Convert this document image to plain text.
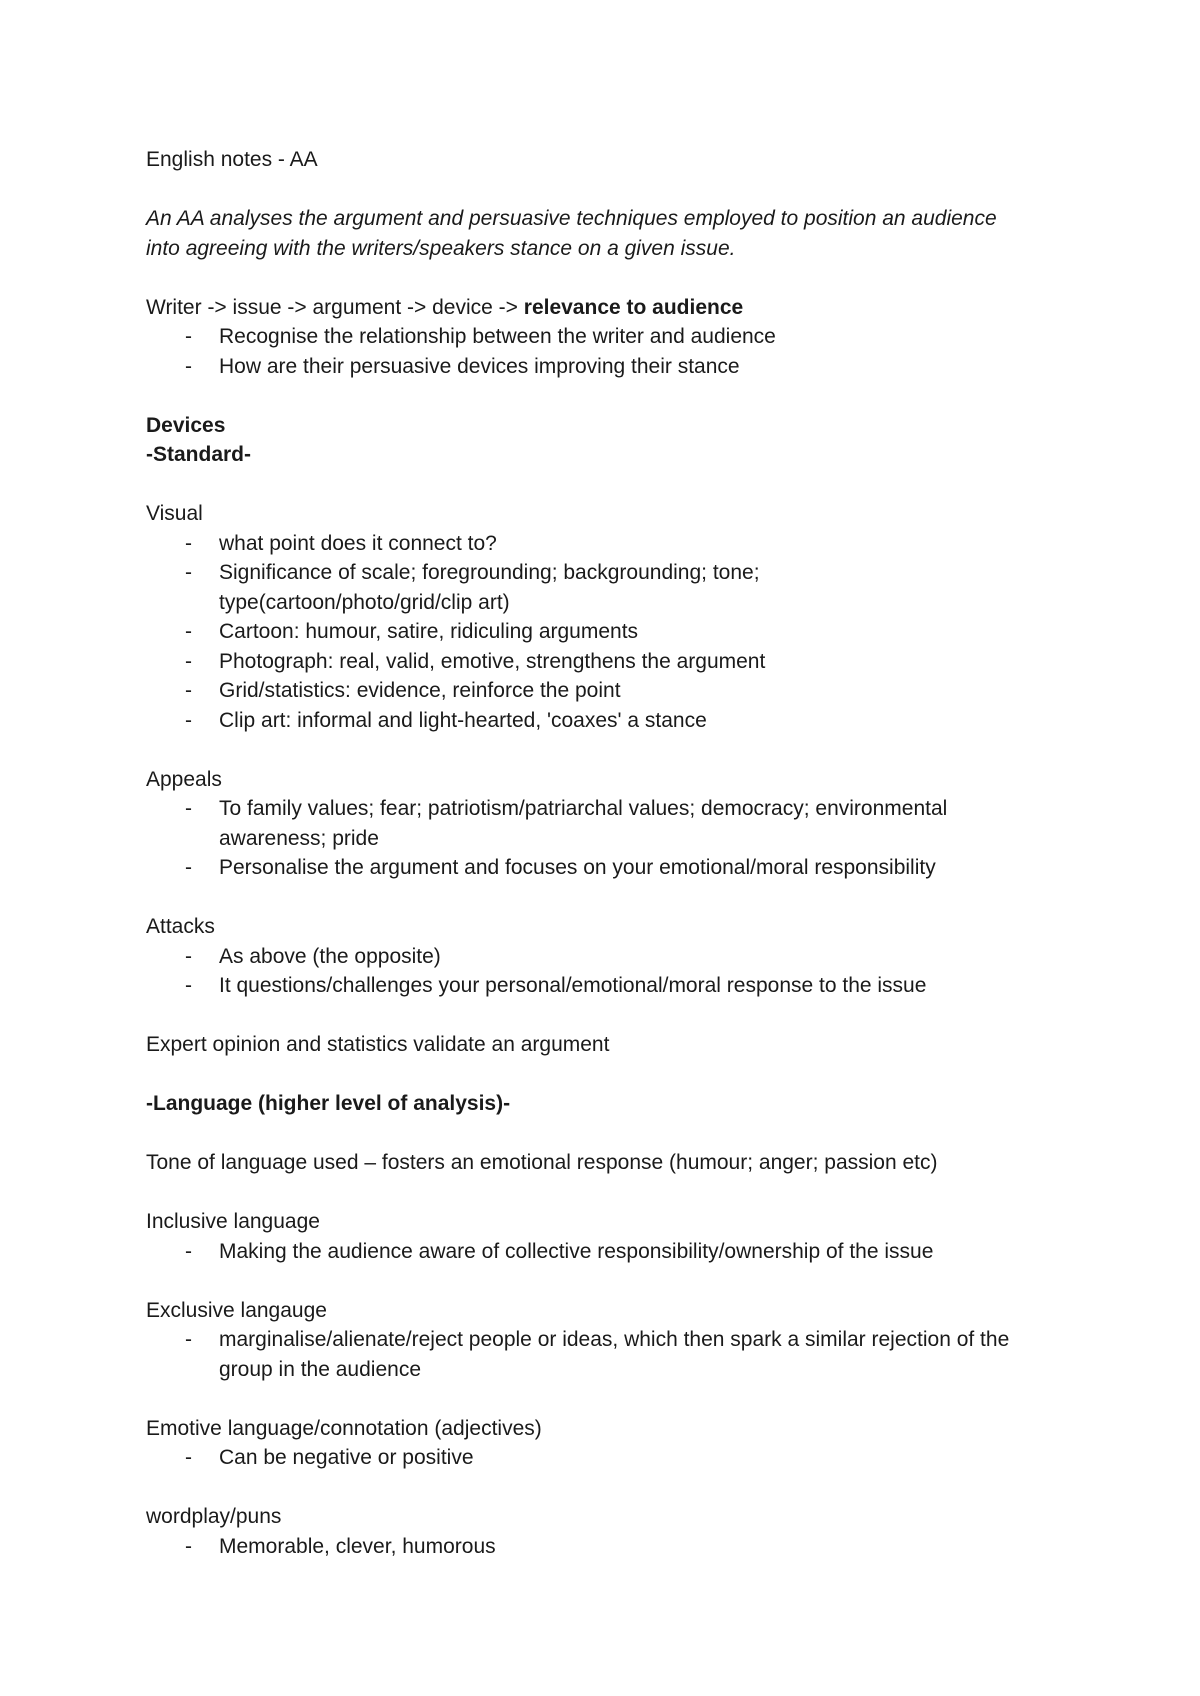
English notes - AA
An AA analyses the argument and persuasive techniques employed to position an audience
into agreeing with the writers/speakers stance on a given issue.
Writer -> issue -> argument -> device -> relevance to audience
- Recognise the relationship between the writer and audience
- How are their persuasive devices improving their stance
Devices
-Standard-
Visual
- what point does it connect to?
- Significance of scale; foregrounding; backgrounding; tone;
type(cartoon/photo/grid/clip art)
- Cartoon: humour, satire, ridiculing arguments
- Photograph: real, valid, emotive, strengthens the argument
- Grid/statistics: evidence, reinforce the point
- Clip art: informal and light-hearted, 'coaxes' a stance
Appeals
- To family values; fear; patriotism/patriarchal values; democracy; environmental
awareness; pride
- Personalise the argument and focuses on your emotional/moral responsibility
Attacks
- As above (the opposite)
- It questions/challenges your personal/emotional/moral response to the issue
Expert opinion and statistics validate an argument
-Language (higher level of analysis)-
Tone of language used – fosters an emotional response (humour; anger; passion etc)
Inclusive language
- Making the audience aware of collective responsibility/ownership of the issue
Exclusive langauge
- marginalise/alienate/reject people or ideas, which then spark a similar rejection of the
group in the audience
Emotive language/connotation (adjectives)
- Can be negative or positive
wordplay/puns
- Memorable, clever, humorous
